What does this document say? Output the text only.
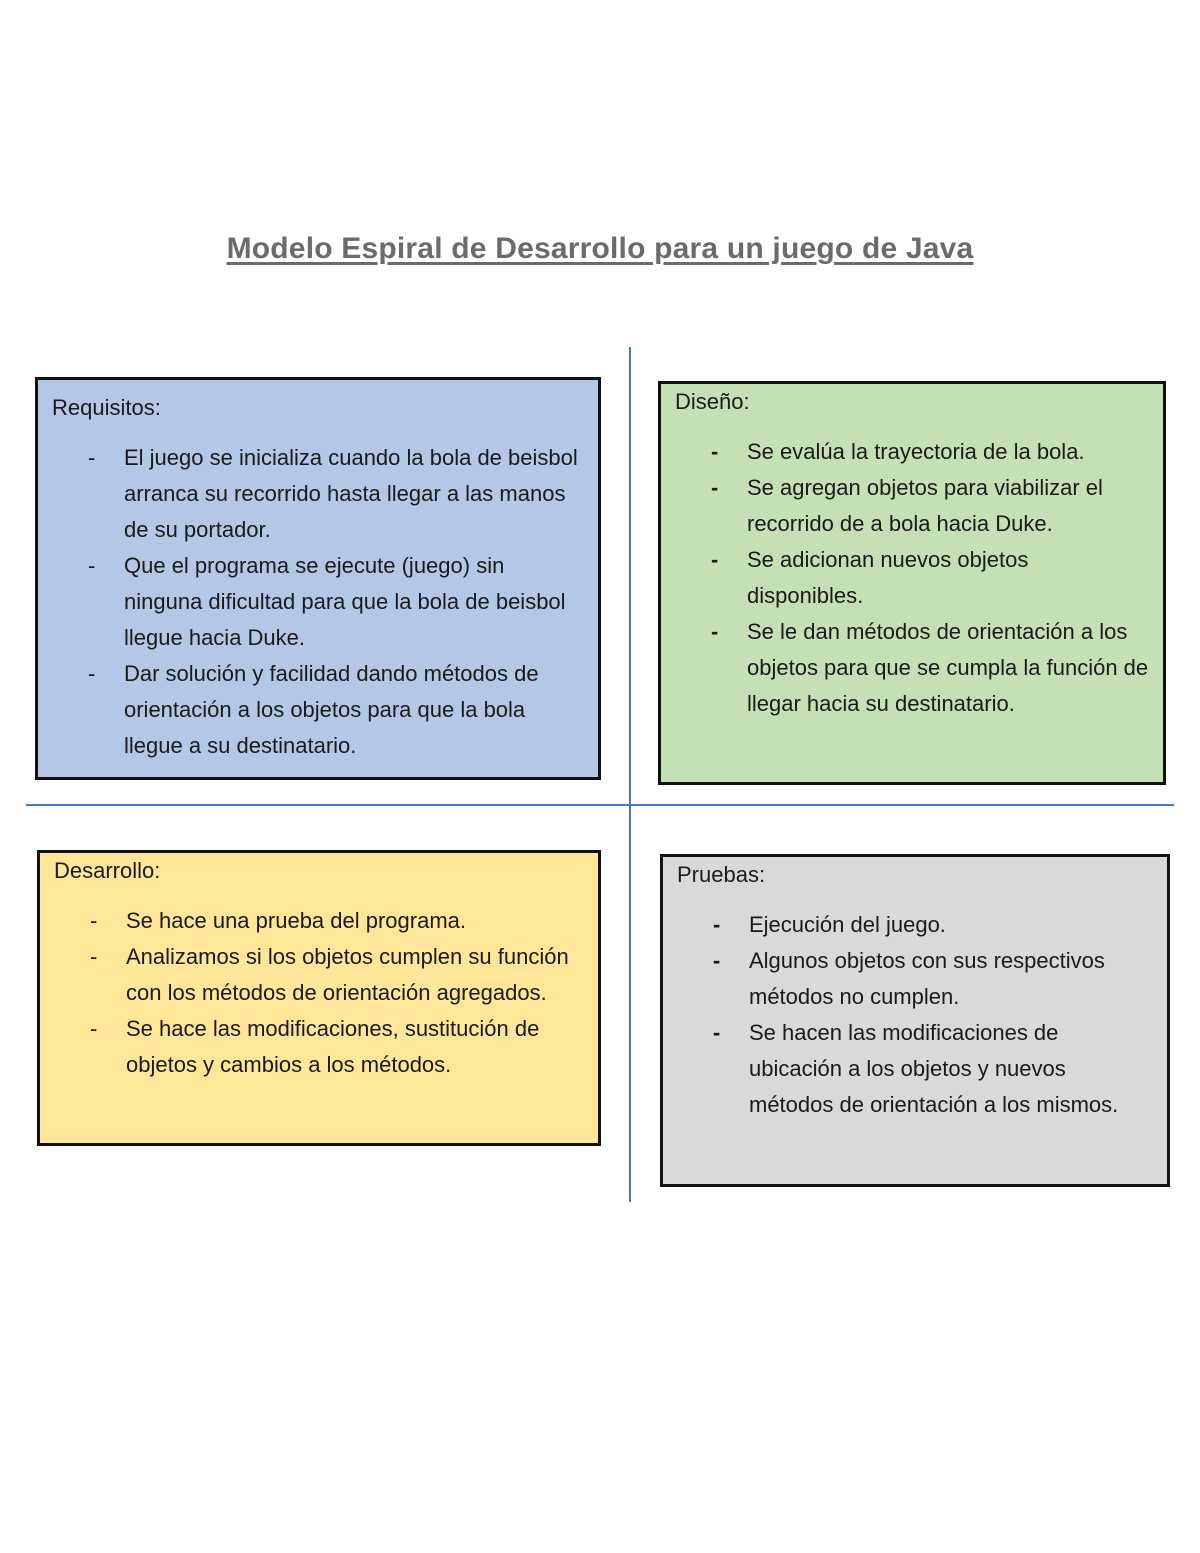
Modelo Espiral de Desarrollo para un juego de Java
Requisitos:
- El juego se inicializa cuando la bola de beisbol arranca su recorrido hasta llegar a las manos de su portador.
- Que el programa se ejecute (juego) sin ninguna dificultad para que la bola de beisbol llegue hacia Duke.
- Dar solución y facilidad dando métodos de orientación a los objetos para que la bola llegue a su destinatario.
Diseño:
- Se evalúa la trayectoria de la bola.
- Se agregan objetos para viabilizar el recorrido de a bola hacia Duke.
- Se adicionan nuevos objetos disponibles.
- Se le dan métodos de orientación a los objetos para que se cumpla la función de llegar hacia su destinatario.
Desarrollo:
- Se hace una prueba del programa.
- Analizamos si los objetos cumplen su función con los métodos de orientación agregados.
- Se hace las modificaciones, sustitución de objetos y cambios a los métodos.
Pruebas:
- Ejecución del juego.
- Algunos objetos con sus respectivos métodos no cumplen.
- Se hacen las modificaciones de ubicación a los objetos y nuevos métodos de orientación a los mismos.
